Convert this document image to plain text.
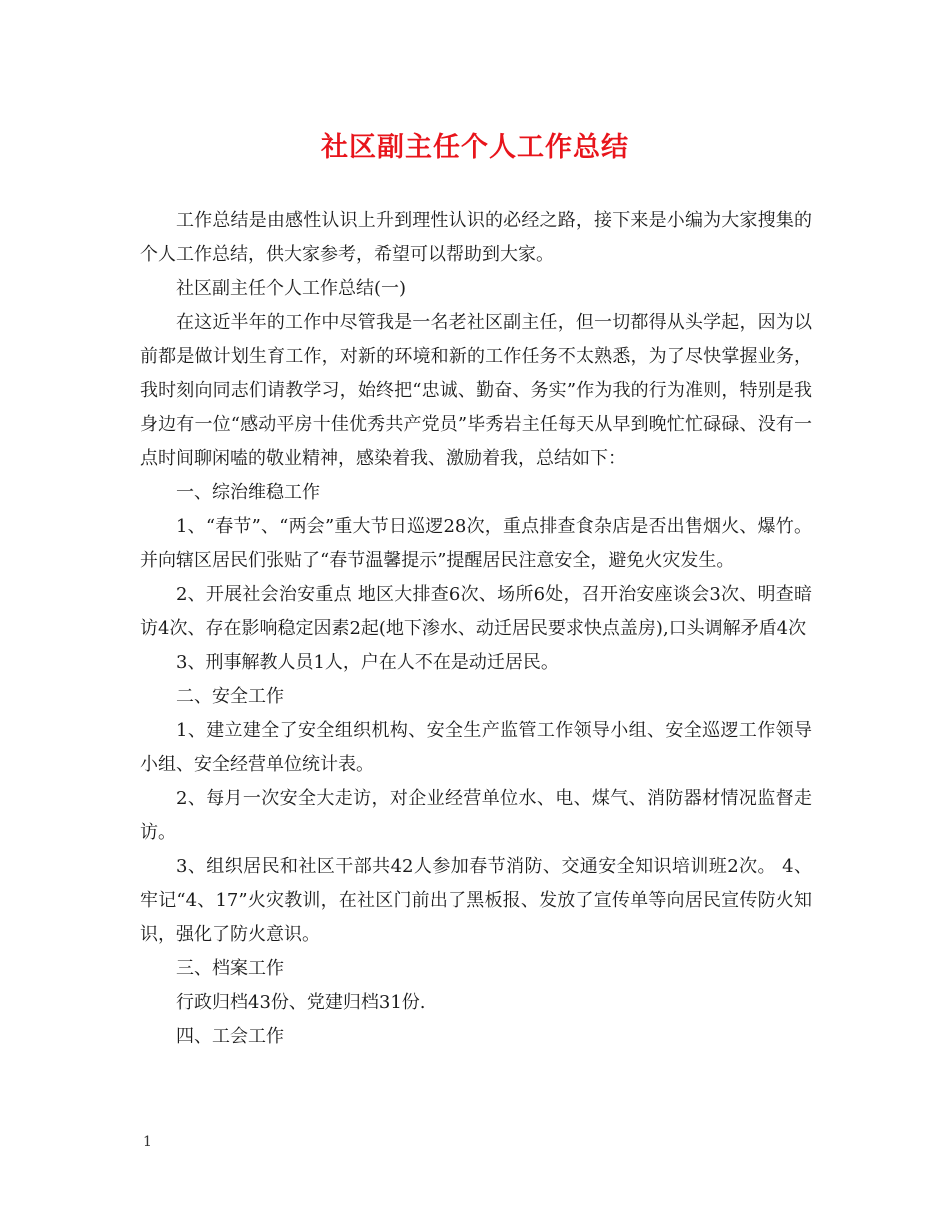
社区副主任个人工作总结

工作总结是由感性认识上升到理性认识的必经之路，接下来是小编为大家搜集的个人工作总结，供大家参考，希望可以帮助到大家。

社区副主任个人工作总结(一)

在这近半年的工作中尽管我是一名老社区副主任，但一切都得从头学起，因为以前都是做计划生育工作，对新的环境和新的工作任务不太熟悉，为了尽快掌握业务，我时刻向同志们请教学习，始终把“忠诚、勤奋、务实”作为我的行为准则，特别是我身边有一位“感动平房十佳优秀共产党员”毕秀岩主任每天从早到晚忙忙碌碌、没有一点时间聊闲嗑的敬业精神，感染着我、激励着我，总结如下：

一、综治维稳工作

1、“春节”、“两会”重大节日巡逻28次，重点排查食杂店是否出售烟火、爆竹。并向辖区居民们张贴了“春节温馨提示”提醒居民注意安全，避免火灾发生。

2、开展社会治安重点 地区大排查6次、场所6处，召开治安座谈会3次、明查暗访4次、存在影响稳定因素2起(地下渗水、动迁居民要求快点盖房),口头调解矛盾4次

3、刑事解教人员1人，户在人不在是动迁居民。

二、安全工作

1、建立建全了安全组织机构、安全生产监管工作领导小组、安全巡逻工作领导小组、安全经营单位统计表。

2、每月一次安全大走访，对企业经营单位水、电、煤气、消防器材情况监督走访。

3、组织居民和社区干部共42人参加春节消防、交通安全知识培训班2次。 4、牢记“4、17”火灾教训，在社区门前出了黑板报、发放了宣传单等向居民宣传防火知识，强化了防火意识。

三、档案工作

行政归档43份、党建归档31份.

四、工会工作

1
